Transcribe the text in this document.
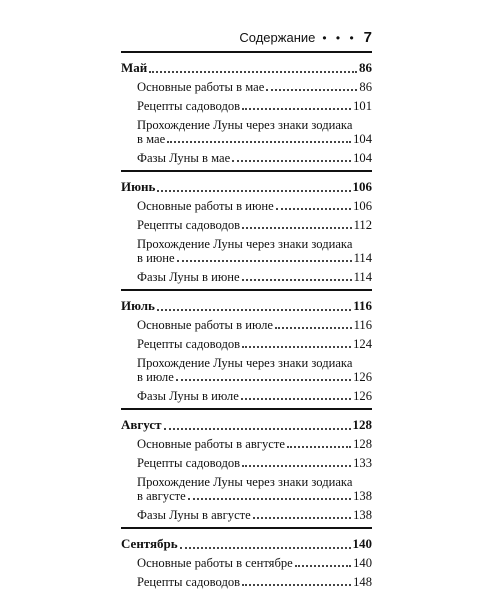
Содержание • • • 7
Май	86
Основные работы в мае	86
Рецепты садоводов	101
Прохождение Луны через знаки зодиака
в мае	104
Фазы Луны в мае	104
Июнь	106
Основные работы в июне	106
Рецепты садоводов	112
Прохождение Луны через знаки зодиака
в июне	114
Фазы Луны в июне	114
Июль	116
Основные работы в июле	116
Рецепты садоводов	124
Прохождение Луны через знаки зодиака
в июле	126
Фазы Луны в июле	126
Август	128
Основные работы в августе	128
Рецепты садоводов	133
Прохождение Луны через знаки зодиака
в августе	138
Фазы Луны в августе	138
Сентябрь	140
Основные работы в сентябре	140
Рецепты садоводов	148
